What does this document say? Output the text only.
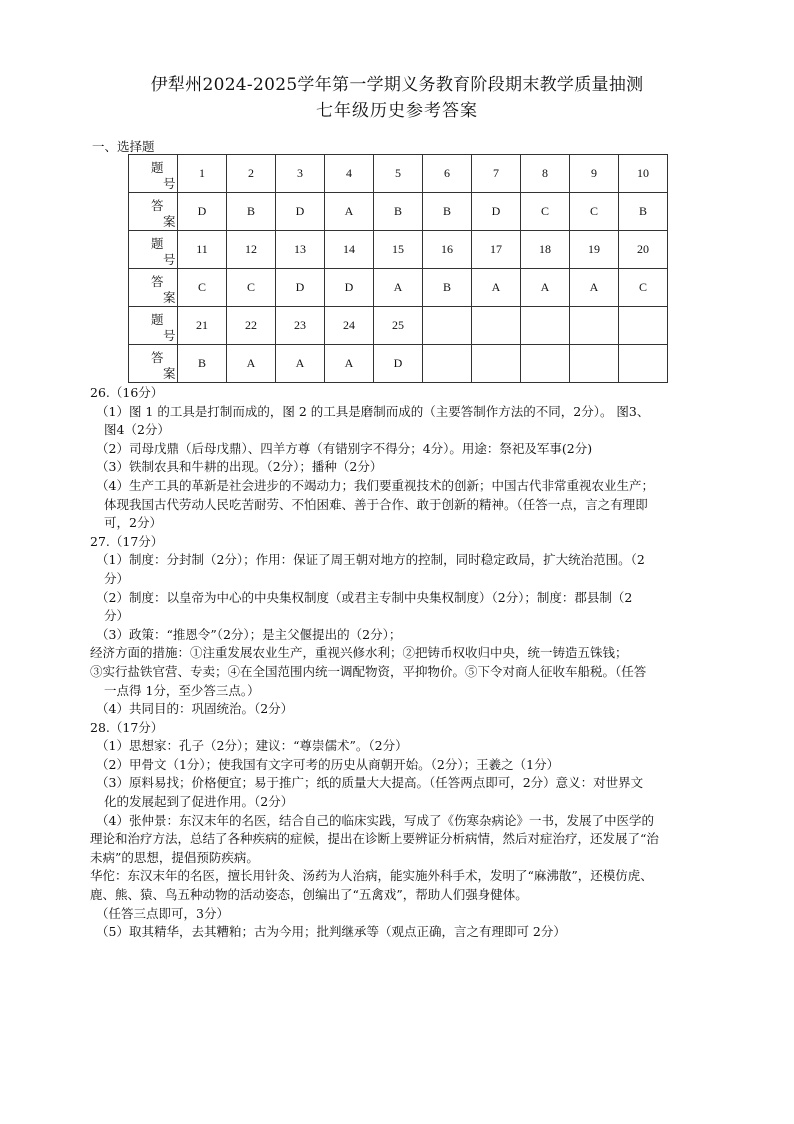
伊犁州2024-2025学年第一学期义务教育阶段期末教学质量抽测
七年级历史参考答案
一、选择题
题
号	1	2	3	4	5	6	7	8	9	10

答
案	D	B	D	A	B	B	D	C	C	B

题
号	11	12	13	14	15	16	17	18	19	20

答
案	C	C	D	D	A	B	A	A	A	C

题
号	21	22	23	24	25					

答
案	B	A	A	A	D					

26.（16分）

（1）图 1 的工具是打制而成的，图 2 的工具是磨制而成的（主要答制作方法的不同，2分）。 图3、

图4（2分）

（2）司母戊鼎（后母戊鼎）、四羊方尊（有错别字不得分；4分）。用途：祭祀及军事(2分)

（3）铁制农具和牛耕的出现。（2分）；播种（2分）

（4）生产工具的革新是社会进步的不竭动力；我们要重视技术的创新；中国古代非常重视农业生产；

体现我国古代劳动人民吃苦耐劳、不怕困难、善于合作、敢于创新的精神。（任答一点，言之有理即

可，2分）

27.（17分）

（1）制度：分封制（2分）；作用：保证了周王朝对地方的控制，同时稳定政局，扩大统治范围。（2

分）

（2）制度：以皇帝为中心的中央集权制度（或君主专制中央集权制度）（2分）；制度：郡县制（2

分）

（3）政策：“推恩令”（2分）；是主父偃提出的（2分）；

经济方面的措施：①注重发展农业生产，重视兴修水利；②把铸币权收归中央，统一铸造五铢钱；

③实行盐铁官营、专卖；④在全国范围内统一调配物资，平抑物价。⑤下令对商人征收车船税。（任答

一点得 1分，至少答三点。）

（4）共同目的：巩固统治。（2分）

28.（17分）

（1）思想家：孔子（2分）；建议：“尊崇儒术”。（2分）

（2）甲骨文（1分）；使我国有文字可考的历史从商朝开始。（2分）；王羲之（1分）

（3）原料易找；价格便宜；易于推广；纸的质量大大提高。（任答两点即可，2分）意义：对世界文

化的发展起到了促进作用。（2分）

（4）张仲景：东汉末年的名医，结合自己的临床实践，写成了《伤寒杂病论》一书，发展了中医学的

理论和治疗方法，总结了各种疾病的症候，提出在诊断上要辨证分析病情，然后对症治疗，还发展了“治

未病”的思想，提倡预防疾病。

华佗：东汉末年的名医，擅长用针灸、汤药为人治病，能实施外科手术，发明了“麻沸散”，还模仿虎、

鹿、熊、猿、鸟五种动物的活动姿态，创编出了“五禽戏”，帮助人们强身健体。

（任答三点即可，3分）

（5）取其精华，去其糟粕；古为今用；批判继承等（观点正确，言之有理即可 2分）
